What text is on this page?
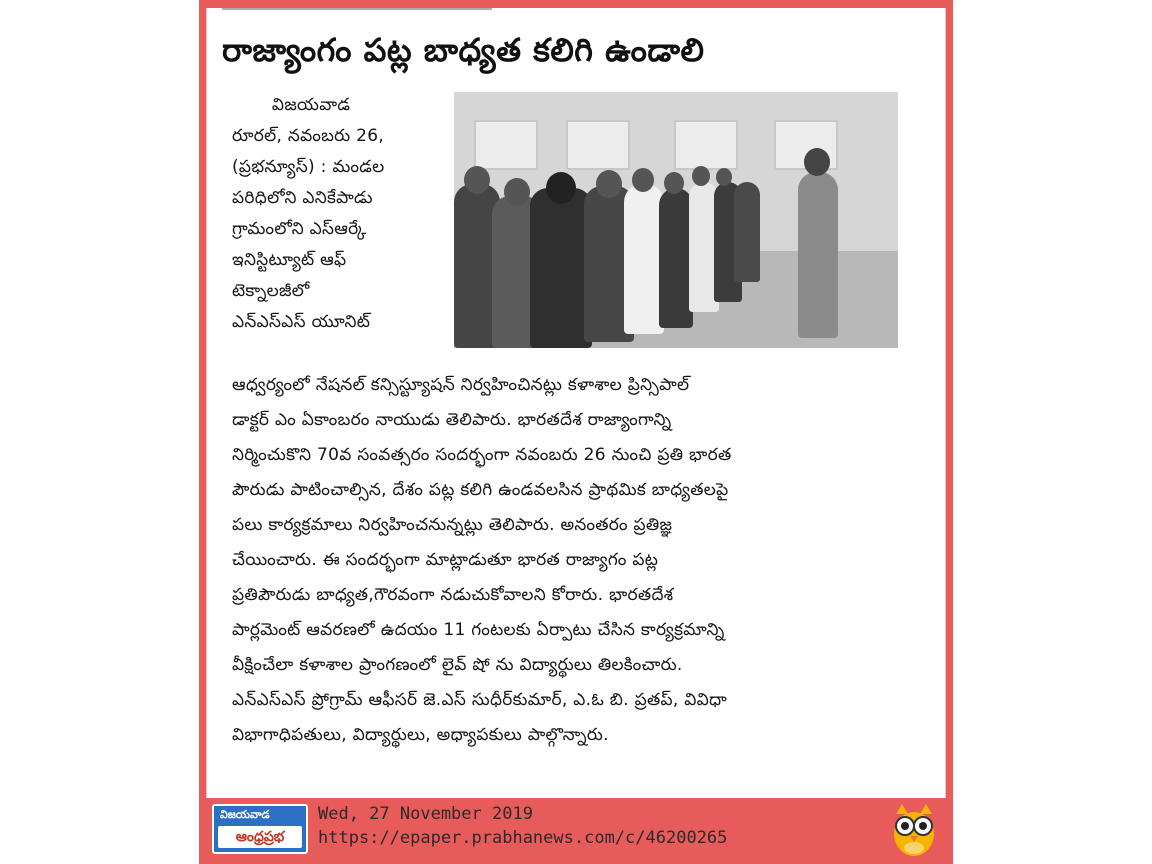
రాజ్యాంగం పట్ల బాధ్యత కలిగి ఉండాలి
విజయవాడ
రూరల్, నవంబరు 26,
(ప్రభన్యూస్) : మండల
పరిధిలోని ఎనికేపాడు
గ్రామంలోని ఎస్ఆర్కే
ఇనిస్టిట్యూట్ ఆఫ్
టెక్నాలజీలో
ఎన్ఎస్ఎస్ యూనిట్
ఆధ్వర్యంలో నేషనల్ కన్సిస్ట్యూషన్ నిర్వహించినట్లు కళాశాల ప్రిన్సిపాల్
డాక్టర్ ఎం ఏకాంబరం నాయుడు తెలిపారు. భారతదేశ రాజ్యాంగాన్ని
నిర్మించుకొని 70వ సంవత్సరం సందర్భంగా నవంబరు 26 నుంచి ప్రతి భారత
పౌరుడు పాటించాల్సిన, దేశం పట్ల కలిగి ఉండవలసిన ప్రాథమిక బాధ్యతలపై
పలు కార్యక్రమాలు నిర్వహించనున్నట్లు తెలిపారు. అనంతరం ప్రతిజ్ఞ
చేయించారు. ఈ సందర్భంగా మాట్లాడుతూ భారత రాజ్యాగం పట్ల
ప్రతిపౌరుడు బాధ్యత,గౌరవంగా నడుచుకోవాలని కోరారు. భారతదేశ
పార్లమెంట్ ఆవరణలో ఉదయం 11 గంటలకు ఏర్పాటు చేసిన కార్యక్రమాన్ని
వీక్షించేలా కళాశాల ప్రాంగణంలో లైవ్ షో ను విద్యార్థులు తిలకించారు.
ఎన్ఎస్ఎస్ ప్రోగ్రామ్ ఆఫీసర్ జె.ఎస్ సుధీర్‌కుమార్, ఎ.ఓ బి. ప్రతప్, వివిధా
విభాగాధిపతులు, విద్యార్థులు, అధ్యాపకులు పాల్గొన్నారు.
విజయవాడ
ఆంధ్రప్రభ
Wed, 27 November 2019
https://epaper.prabhanews.com/c/46200265
